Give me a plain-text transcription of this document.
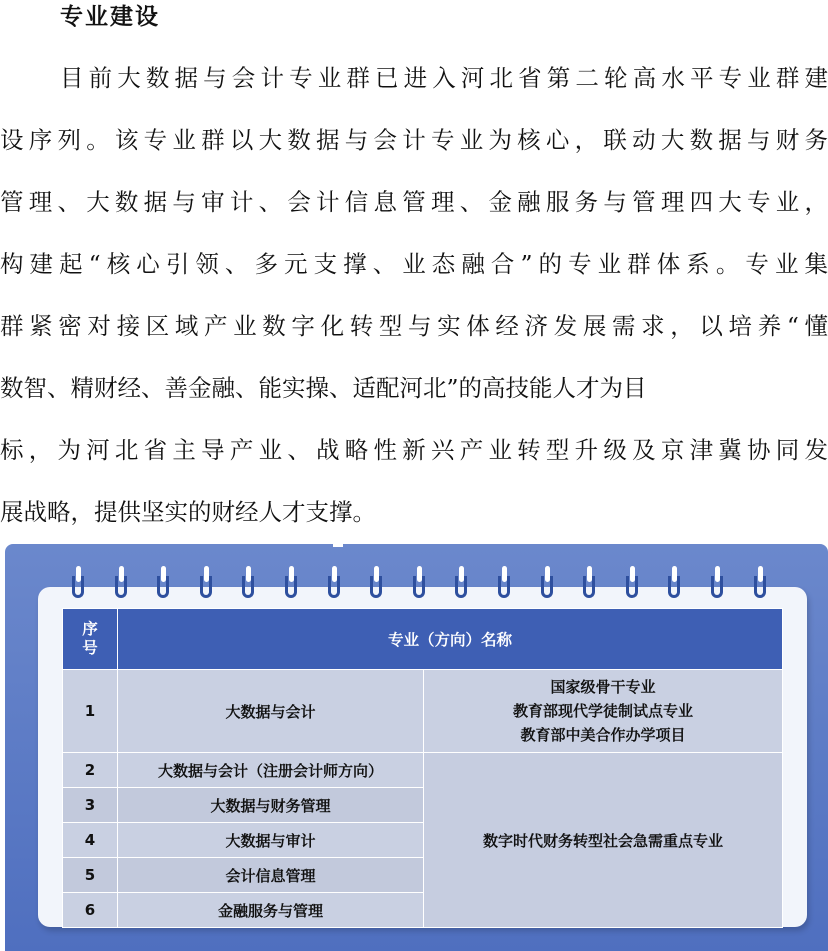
专业建设
目前大数据与会计专业群已进入河北省第二轮高水平专业群建
设序列。该专业群以大数据与会计专业为核心，联动大数据与财务
管理、大数据与审计、会计信息管理、金融服务与管理四大专业，
构建起“核心引领、多元支撑、业态融合”的专业群体系。专业集
群紧密对接区域产业数字化转型与实体经济发展需求，以培养“懂
数智、精财经、善金融、能实操、适配河北”的高技能人才为目
标，为河北省主导产业、战略性新兴产业转型升级及京津冀协同发
展战略，提供坚实的财经人才支撑。
序
号	专业（方向）名称	
1	大数据与会计	国家级骨干专业
教育部现代学徒制试点专业
教育部中美合作办学项目

2	大数据与会计（注册会计师方向）	数字时代财务转型社会急需重点专业
3	大数据与财务管理	
4	大数据与审计	
5	会计信息管理	
6	金融服务与管理	
